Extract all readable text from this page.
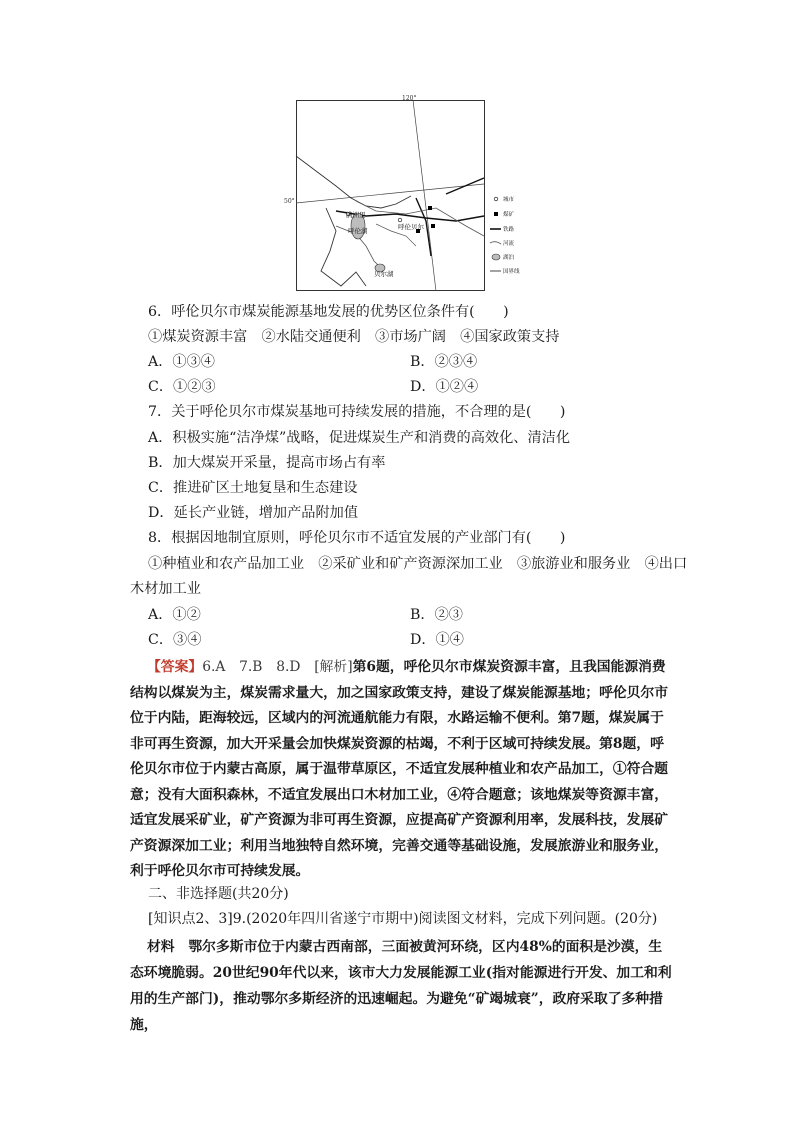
120°
50°
满洲里
呼伦贝尔
呼伦湖
贝尔湖
城市
煤矿
铁路
河流
湖泊
国界线
6．呼伦贝尔市煤炭能源基地发展的优势区位条件有(　　)
①煤炭资源丰富　②水陆交通便利　③市场广阔　④国家政策支持
A．①③④	B．②③④
C．①②③	D．①②④
7．关于呼伦贝尔市煤炭基地可持续发展的措施，不合理的是(　　)
A．积极实施“洁净煤”战略，促进煤炭生产和消费的高效化、清洁化
B．加大煤炭开采量，提高市场占有率
C．推进矿区土地复垦和生态建设
D．延长产业链，增加产品附加值
8．根据因地制宜原则，呼伦贝尔市不适宜发展的产业部门有(　　)
①种植业和农产品加工业　②采矿业和矿产资源深加工业　③旅游业和服务业　④出口
木材加工业
A．①②	B．②③
C．③④	D．①④
【答案】6.A　7.B　8.D　[解析]第6题，呼伦贝尔市煤炭资源丰富，且我国能源消费结构以煤炭为主，煤炭需求量大，加之国家政策支持，建设了煤炭能源基地；呼伦贝尔市位于内陆，距海较远，区域内的河流通航能力有限，水路运输不便利。第7题，煤炭属于非可再生资源，加大开采量会加快煤炭资源的枯竭，不利于区域可持续发展。第8题，呼伦贝尔市位于内蒙古高原，属于温带草原区，不适宜发展种植业和农产品加工，①符合题意；没有大面积森林，不适宜发展出口木材加工业，④符合题意；该地煤炭等资源丰富，适宜发展采矿业，矿产资源为非可再生资源，应提高矿产资源利用率，发展科技，发展矿产资源深加工业；利用当地独特自然环境，完善交通等基础设施，发展旅游业和服务业，利于呼伦贝尔市可持续发展。
二、非选择题(共20分)
[知识点2、3]9.(2020年四川省遂宁市期中)阅读图文材料，完成下列问题。(20分)
材料　鄂尔多斯市位于内蒙古西南部，三面被黄河环绕，区内48%的面积是沙漠，生态环境脆弱。20世纪90年代以来，该市大力发展能源工业(指对能源进行开发、加工和利用的生产部门)，推动鄂尔多斯经济的迅速崛起。为避免“矿竭城衰”，政府采取了多种措施，
